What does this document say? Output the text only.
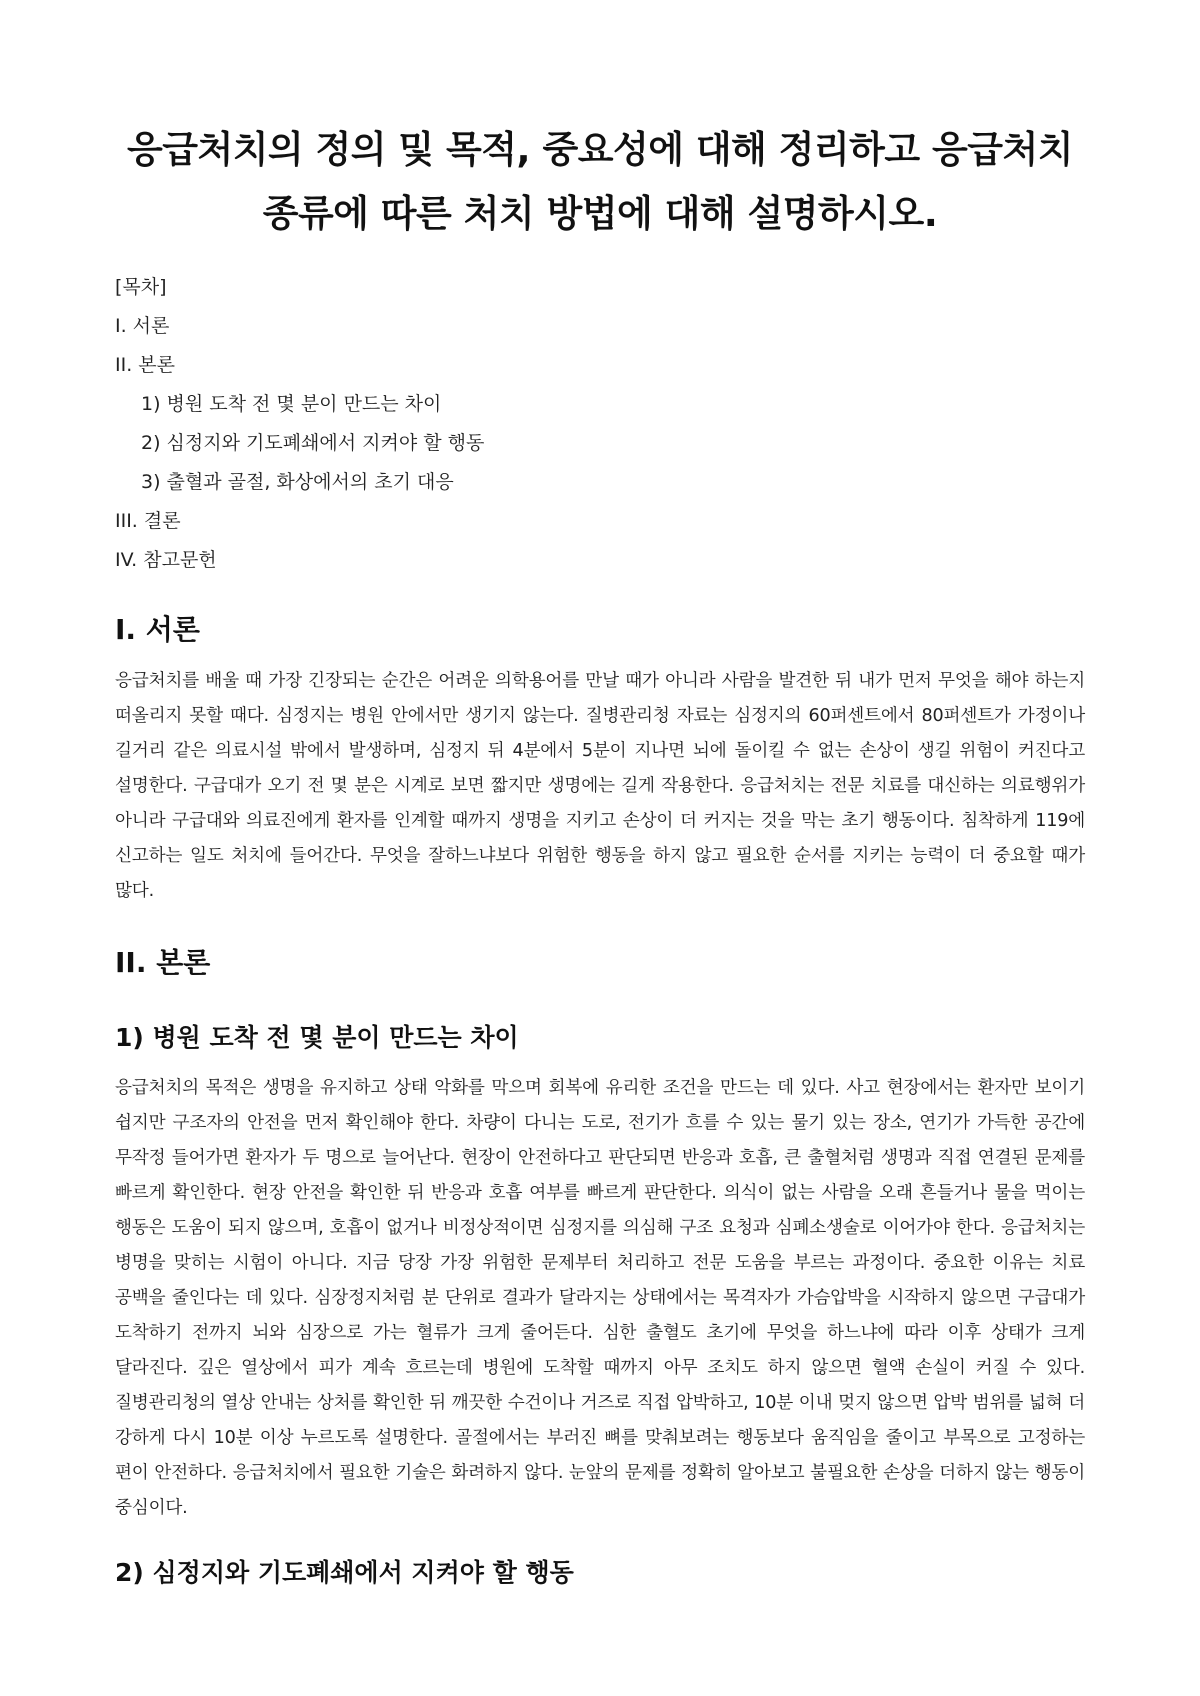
응급처치의 정의 및 목적, 중요성에 대해 정리하고 응급처치 종류에 따른 처치 방법에 대해 설명하시오.
[목차]
I. 서론
II. 본론
1) 병원 도착 전 몇 분이 만드는 차이
2) 심정지와 기도폐쇄에서 지켜야 할 행동
3) 출혈과 골절, 화상에서의 초기 대응
III. 결론
IV. 참고문헌
I. 서론

응급처치를 배울 때 가장 긴장되는 순간은 어려운 의학용어를 만날 때가 아니라 사람을 발견한 뒤 내가 먼저 무엇을 해야 하는지 떠올리지 못할 때다. 심정지는 병원 안에서만 생기지 않는다. 질병관리청 자료는 심정지의 60퍼센트에서 80퍼센트가 가정이나 길거리 같은 의료시설 밖에서 발생하며, 심정지 뒤 4분에서 5분이 지나면 뇌에 돌이킬 수 없는 손상이 생길 위험이 커진다고 설명한다. 구급대가 오기 전 몇 분은 시계로 보면 짧지만 생명에는 길게 작용한다. 응급처치는 전문 치료를 대신하는 의료행위가 아니라 구급대와 의료진에게 환자를 인계할 때까지 생명을 지키고 손상이 더 커지는 것을 막는 초기 행동이다. 침착하게 119에 신고하는 일도 처치에 들어간다. 무엇을 잘하느냐보다 위험한 행동을 하지 않고 필요한 순서를 지키는 능력이 더 중요할 때가 많다.

II. 본론
1) 병원 도착 전 몇 분이 만드는 차이

응급처치의 목적은 생명을 유지하고 상태 악화를 막으며 회복에 유리한 조건을 만드는 데 있다. 사고 현장에서는 환자만 보이기 쉽지만 구조자의 안전을 먼저 확인해야 한다. 차량이 다니는 도로, 전기가 흐를 수 있는 물기 있는 장소, 연기가 가득한 공간에 무작정 들어가면 환자가 두 명으로 늘어난다. 현장이 안전하다고 판단되면 반응과 호흡, 큰 출혈처럼 생명과 직접 연결된 문제를 빠르게 확인한다. 현장 안전을 확인한 뒤 반응과 호흡 여부를 빠르게 판단한다. 의식이 없는 사람을 오래 흔들거나 물을 먹이는 행동은 도움이 되지 않으며, 호흡이 없거나 비정상적이면 심정지를 의심해 구조 요청과 심폐소생술로 이어가야 한다. 응급처치는 병명을 맞히는 시험이 아니다. 지금 당장 가장 위험한 문제부터 처리하고 전문 도움을 부르는 과정이다. 중요한 이유는 치료 공백을 줄인다는 데 있다. 심장정지처럼 분 단위로 결과가 달라지는 상태에서는 목격자가 가슴압박을 시작하지 않으면 구급대가 도착하기 전까지 뇌와 심장으로 가는 혈류가 크게 줄어든다. 심한 출혈도 초기에 무엇을 하느냐에 따라 이후 상태가 크게 달라진다. 깊은 열상에서 피가 계속 흐르는데 병원에 도착할 때까지 아무 조치도 하지 않으면 혈액 손실이 커질 수 있다. 질병관리청의 열상 안내는 상처를 확인한 뒤 깨끗한 수건이나 거즈로 직접 압박하고, 10분 이내 멎지 않으면 압박 범위를 넓혀 더 강하게 다시 10분 이상 누르도록 설명한다. 골절에서는 부러진 뼈를 맞춰보려는 행동보다 움직임을 줄이고 부목으로 고정하는 편이 안전하다. 응급처치에서 필요한 기술은 화려하지 않다. 눈앞의 문제를 정확히 알아보고 불필요한 손상을 더하지 않는 행동이 중심이다.

2) 심정지와 기도폐쇄에서 지켜야 할 행동
